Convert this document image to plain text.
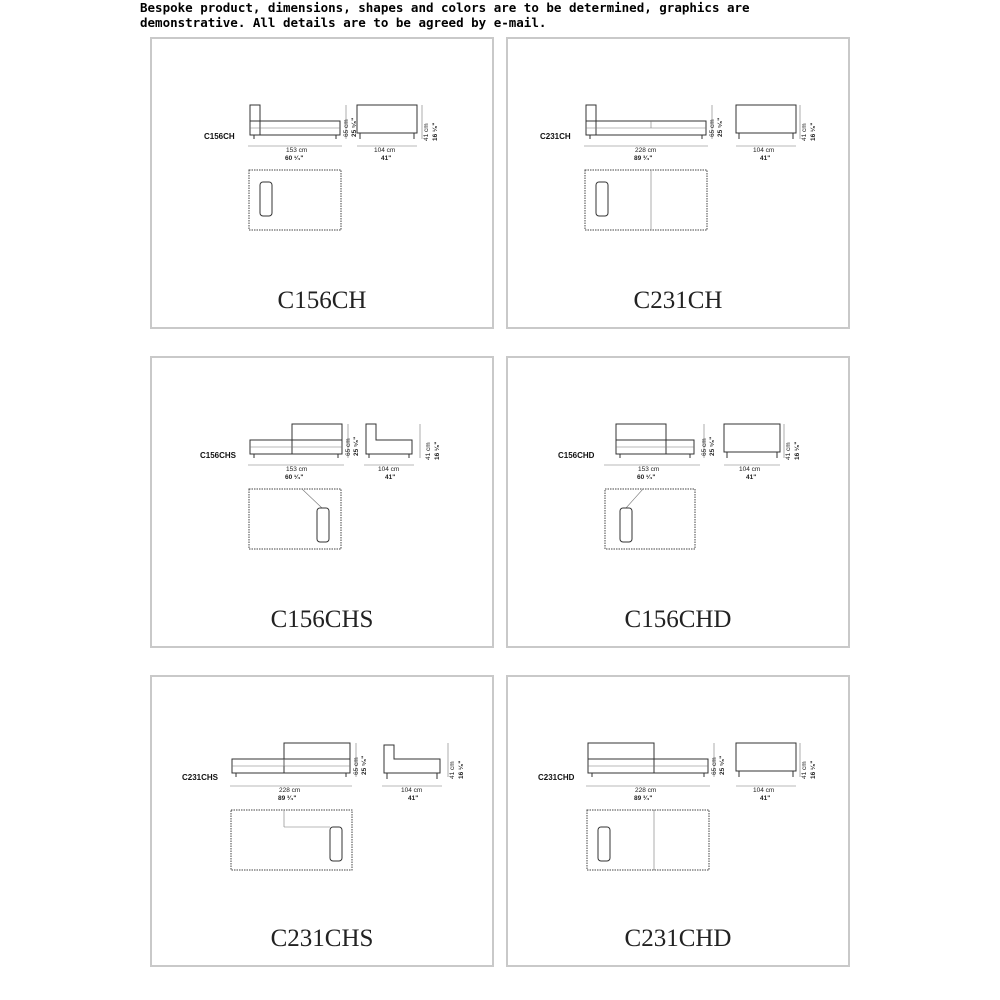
Bespoke product, dimensions, shapes and colors are to be determined, graphics are demonstrative. All details are to be agreed by e-mail.
C156CH
153 cm
60 ¹⁄₄"
65 cm 25 ⁵⁄₈"
104 cm
41"
41 cm 16 ¹⁄₈"
C156CH
C231CH
228 cm
89 ³⁄₄"
65 cm 25 ⁵⁄₈"
104 cm
41"
41 cm 16 ¹⁄₈"
C231CH
C156CHS
153 cm
60 ¹⁄₄"
65 cm 25 ⁵⁄₈"
104 cm
41"
41 cm 16 ¹⁄₈"
C156CHS
C156CHD
153 cm
60 ¹⁄₄"
65 cm 25 ⁵⁄₈"
104 cm
41"
41 cm 16 ¹⁄₈"
C156CHD
C231CHS
228 cm
89 ³⁄₄"
65 cm 25 ⁵⁄₈"
104 cm
41"
41 cm 16 ¹⁄₈"
C231CHS
C231CHD
228 cm
89 ³⁄₄"
65 cm 25 ⁵⁄₈"
104 cm
41"
41 cm 16 ¹⁄₈"
C231CHD
